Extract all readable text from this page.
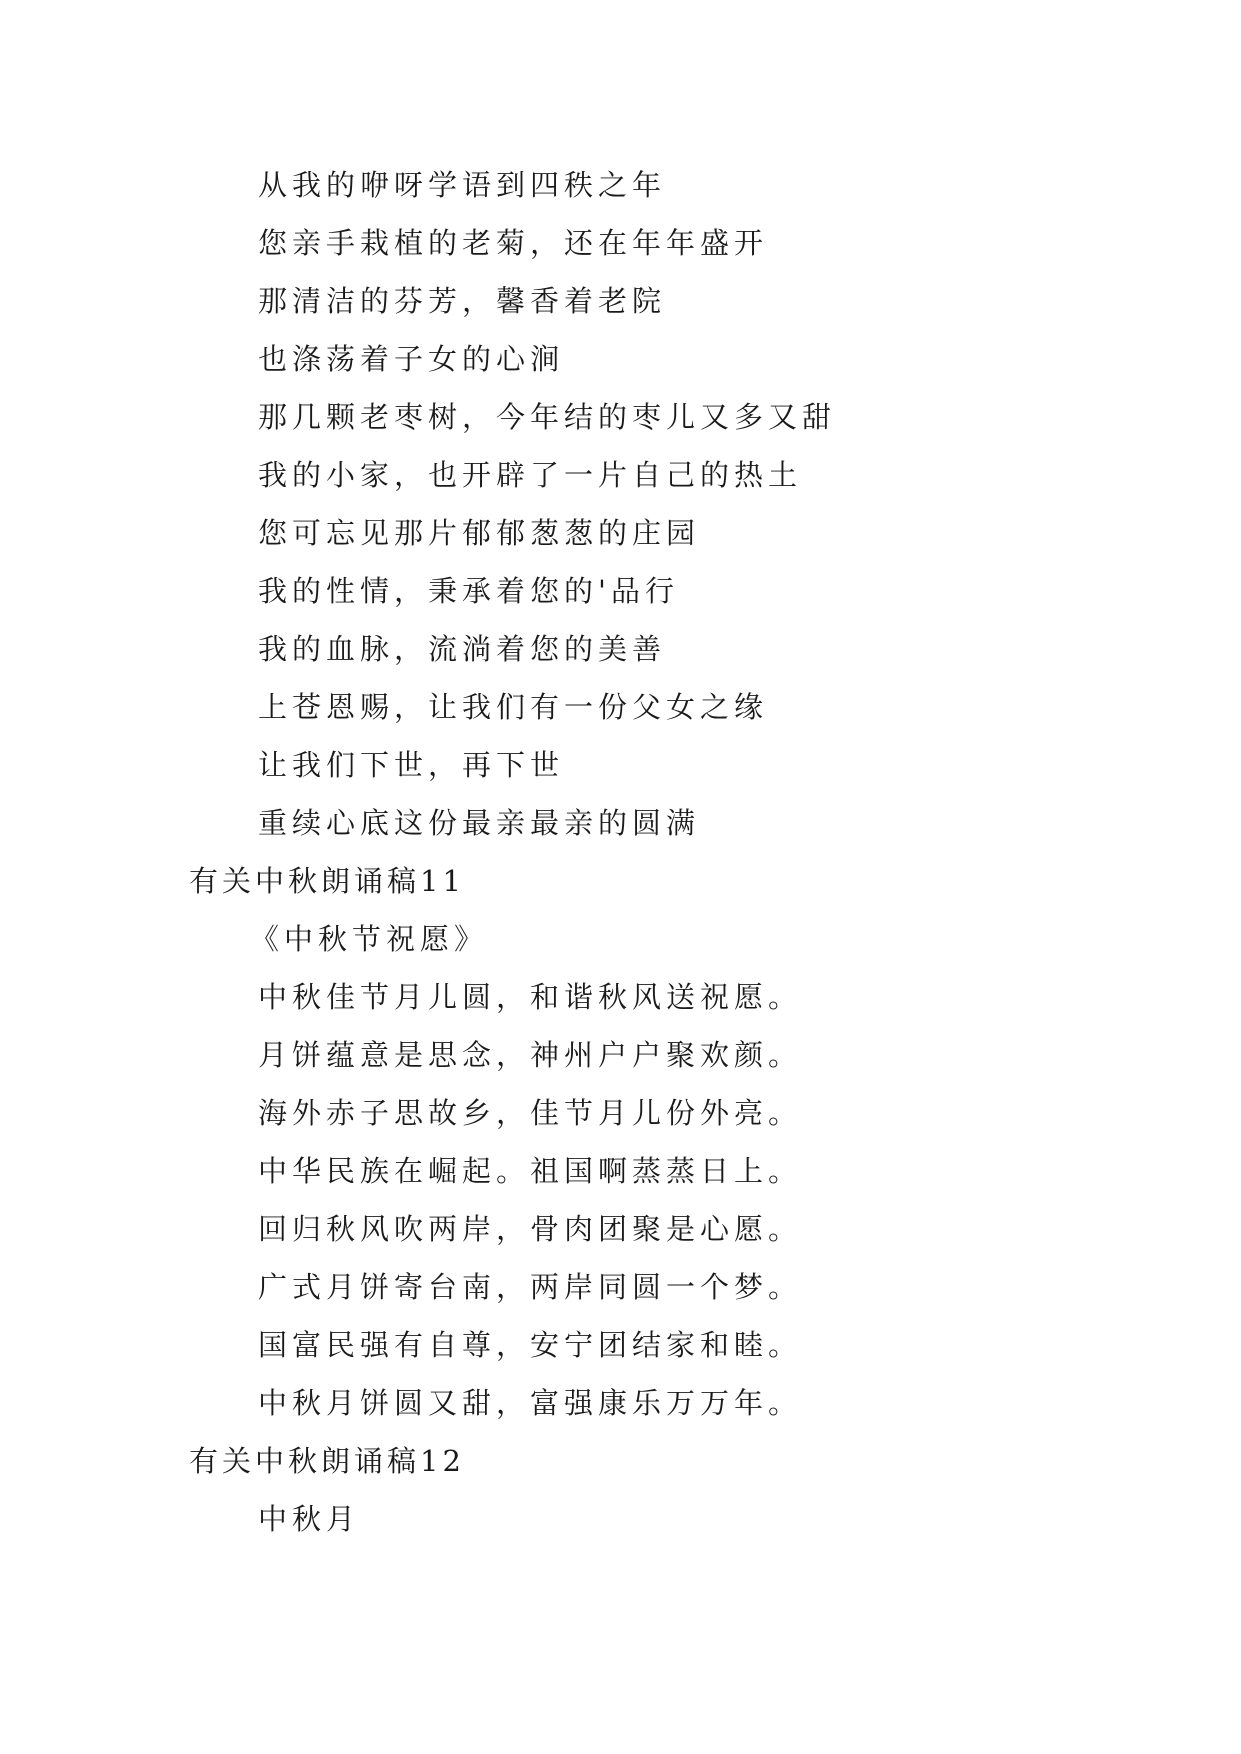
从我的咿呀学语到四秩之年
您亲手栽植的老菊，还在年年盛开
那清洁的芬芳，馨香着老院
也涤荡着子女的心涧
那几颗老枣树，今年结的枣儿又多又甜
我的小家，也开辟了一片自己的热土
您可忘见那片郁郁葱葱的庄园
我的性情，秉承着您的'品行
我的血脉，流淌着您的美善
上苍恩赐，让我们有一份父女之缘
让我们下世，再下世
重续心底这份最亲最亲的圆满
有关中秋朗诵稿11
《中秋节祝愿》
中秋佳节月儿圆，和谐秋风送祝愿。
月饼蕴意是思念，神州户户聚欢颜。
海外赤子思故乡，佳节月儿份外亮。
中华民族在崛起。祖国啊蒸蒸日上。
回归秋风吹两岸，骨肉团聚是心愿。
广式月饼寄台南，两岸同圆一个梦。
国富民强有自尊，安宁团结家和睦。
中秋月饼圆又甜，富强康乐万万年。
有关中秋朗诵稿12
中秋月
